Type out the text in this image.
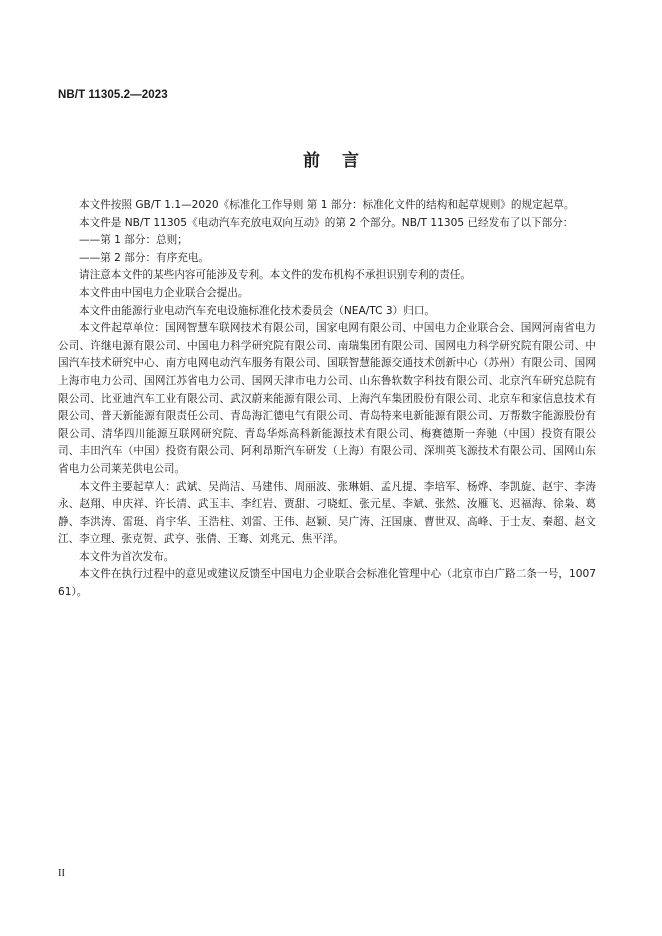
NB/T 11305.2—2023

前 言

本文件按照 GB/T 1.1—2020《标准化工作导则 第 1 部分：标准化文件的结构和起草规则》的规定起草。

本文件是 NB/T 11305《电动汽车充放电双向互动》的第 2 个部分。NB/T 11305 已经发布了以下部分：

——第 1 部分：总则；

——第 2 部分：有序充电。

请注意本文件的某些内容可能涉及专利。本文件的发布机构不承担识别专利的责任。

本文件由中国电力企业联合会提出。

本文件由能源行业电动汽车充电设施标准化技术委员会（NEA/TC 3）归口。

本文件起草单位：国网智慧车联网技术有限公司，国家电网有限公司、中国电力企业联合会、国网河南省电力公司、许继电源有限公司、中国电力科学研究院有限公司、南瑞集团有限公司、国网电力科学研究院有限公司、中国汽车技术研究中心、南方电网电动汽车服务有限公司、国联智慧能源交通技术创新中心（苏州）有限公司、国网上海市电力公司、国网江苏省电力公司、国网天津市电力公司、山东鲁软数字科技有限公司、北京汽车研究总院有限公司、比亚迪汽车工业有限公司、武汉蔚来能源有限公司、上海汽车集团股份有限公司、北京车和家信息技术有限公司、普天新能源有限责任公司、青岛海汇德电气有限公司、青岛特来电新能源有限公司、万帮数字能源股份有限公司、清华四川能源互联网研究院、青岛华烁高科新能源技术有限公司、梅赛德斯一奔驰（中国）投资有限公司、丰田汽车（中国）投资有限公司、阿利昂斯汽车研发（上海）有限公司、深圳英飞源技术有限公司、国网山东省电力公司莱芜供电公司。

本文件主要起草人：武斌、吴尚洁、马建伟、周丽波、张琳娟、孟凡提、李培军、杨烨、李凯旋、赵宇、李涛永、赵翔、申庆祥、许长清、武玉丰、李红岩、贾甜、刁晓虹、张元星、李斌、张然、汝雁飞、迟福海、徐枭、葛静、李洪涛、雷珽、肖宇华、王浩柱、刘雷、王伟、赵颖、吴广涛、汪国康、曹世双、高峰、于士友、秦超、赵文江、李立理、张克贺、武亨、张倩、王骞、刘兆元、焦平洋。

本文件为首次发布。

本文件在执行过程中的意见或建议反馈至中国电力企业联合会标准化管理中心（北京市白广路二条一号，100761）。

II
